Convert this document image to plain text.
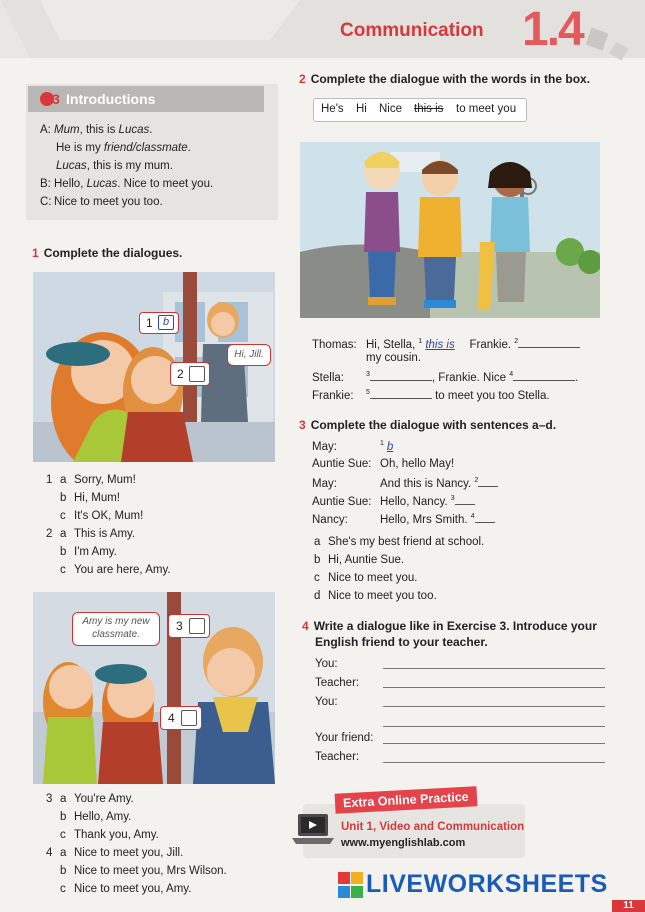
Communication 1.4
3 Introductions
A: Mum, this is Lucas.
He is my friend/classmate.
Lucas, this is my mum.
B: Hello, Lucas. Nice to meet you.
C: Nice to meet you too.
1 Complete the dialogues.
1 b
2
Hi, Jill.
1 a Sorry, Mum!
b Hi, Mum!
c It's OK, Mum!
2 a This is Amy.
b I'm Amy.
c You are here, Amy.
Amy is my new classmate.
3
4
3 a You're Amy.
b Hello, Amy.
c Thank you, Amy.
4 a Nice to meet you, Jill.
b Nice to meet you, Mrs Wilson.
c Nice to meet you, Amy.
2 Complete the dialogue with the words in the box.
He's Hi Nice this is to meet you
Thomas: Hi, Stella, $^1$ this is Frankie. $^2$
my cousin.
Stella:	$^3$	, Frankie. Nice $^4$	.
Frankie: $^5$	to meet you too Stella.
3 Complete the dialogue with sentences a–d.
May:	$^1$ b
Auntie Sue: Oh, hello May!
May:	And this is Nancy. $^2$
Auntie Sue: Hello, Nancy. $^3$
Nancy:	Hello, Mrs Smith. $^4$
a She's my best friend at school.
b Hi, Auntie Sue.
c Nice to meet you.
d Nice to meet you too.
4 Write a dialogue like in Exercise 3. Introduce your
English friend to your teacher.
You:
Teacher:
You:
Your friend:
Teacher:
Extra Online Practice
Unit 1, Video and Communication
www.myenglishlab.com
LIVEWORKSHEETS
11
